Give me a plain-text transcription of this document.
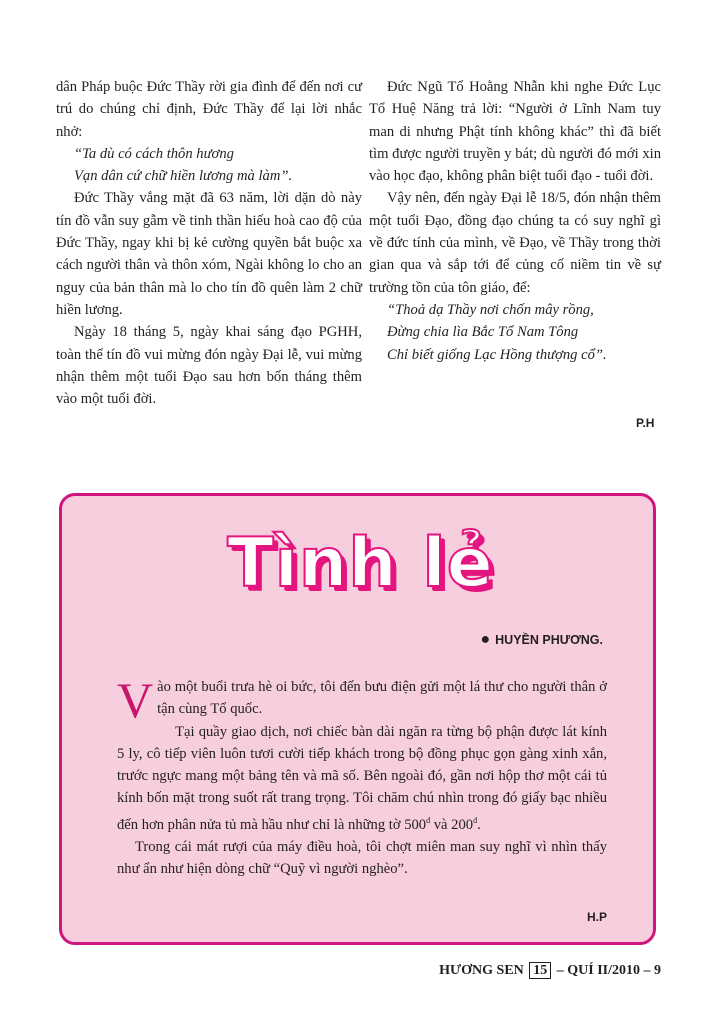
dân Pháp buộc Đức Thầy rời gia đình để đến nơi cư trú do chúng chỉ định, Đức Thầy để lại lời nhắc nhở:

“Ta dù có cách thôn hương

Vạn dân cứ chữ hiền lương mà làm”.

Đức Thầy vắng mặt đã 63 năm, lời dặn dò này tín đồ vẫn suy gẫm về tinh thần hiếu hoà cao độ của Đức Thầy, ngay khi bị kẻ cường quyền bắt buộc xa cách người thân và thôn xóm, Ngài không lo cho an nguy của bản thân mà lo cho tín đồ quên làm 2 chữ hiền lương.

Ngày 18 tháng 5, ngày khai sáng đạo PGHH, toàn thể tín đồ vui mừng đón ngày Đại lễ, vui mừng nhận thêm một tuổi Đạo sau hơn bốn tháng thêm vào một tuổi đời.

Đức Ngũ Tổ Hoằng Nhẫn khi nghe Đức Lục Tổ Huệ Năng trả lời: “Người ở Lĩnh Nam tuy man di nhưng Phật tính không khác” thì đã biết tìm được người truyền y bát; dù người đó mới xin vào học đạo, không phân biệt tuổi đạo - tuổi đời.

Vậy nên, đến ngày Đại lễ 18/5, đón nhận thêm một tuổi Đạo, đồng đạo chúng ta có suy nghĩ gì về đức tính của mình, về Đạo, về Thầy trong thời gian qua và sắp tới để củng cố niềm tin về sự trường tồn của tôn giáo, để:

“Thoả dạ Thầy nơi chốn mây rồng,

Đừng chia lìa Bắc Tổ Nam Tông

Chỉ biết giống Lạc Hồng thượng cổ”.

P.H
Tình lẻ
● HUYỀN PHƯƠNG.

Vào một buổi trưa hè oi bức, tôi đến bưu điện gửi một lá thư cho người thân ở tận cùng Tổ quốc.

Tại quầy giao dịch, nơi chiếc bàn dài ngăn ra từng bộ phận được lát kính 5 ly, cô tiếp viên luôn tươi cười tiếp khách trong bộ đồng phục gọn gàng xinh xắn, trước ngực mang một bảng tên và mã số. Bên ngoài đó, gần nơi hộp thơ một cái tủ kính bốn mặt trong suốt rất trang trọng. Tôi chăm chú nhìn trong đó giấy bạc nhiều đến hơn phân nửa tủ mà hầu như chỉ là những tờ $500^đ$ và $200^đ$.

Trong cái mát rượi của máy điều hoà, tôi chợt miên man suy nghĩ vì nhìn thấy như ẩn như hiện dòng chữ “Quỹ vì người nghèo”.

H.P
HƯƠNG SEN 15 – QUÍ II/2010 – 9
